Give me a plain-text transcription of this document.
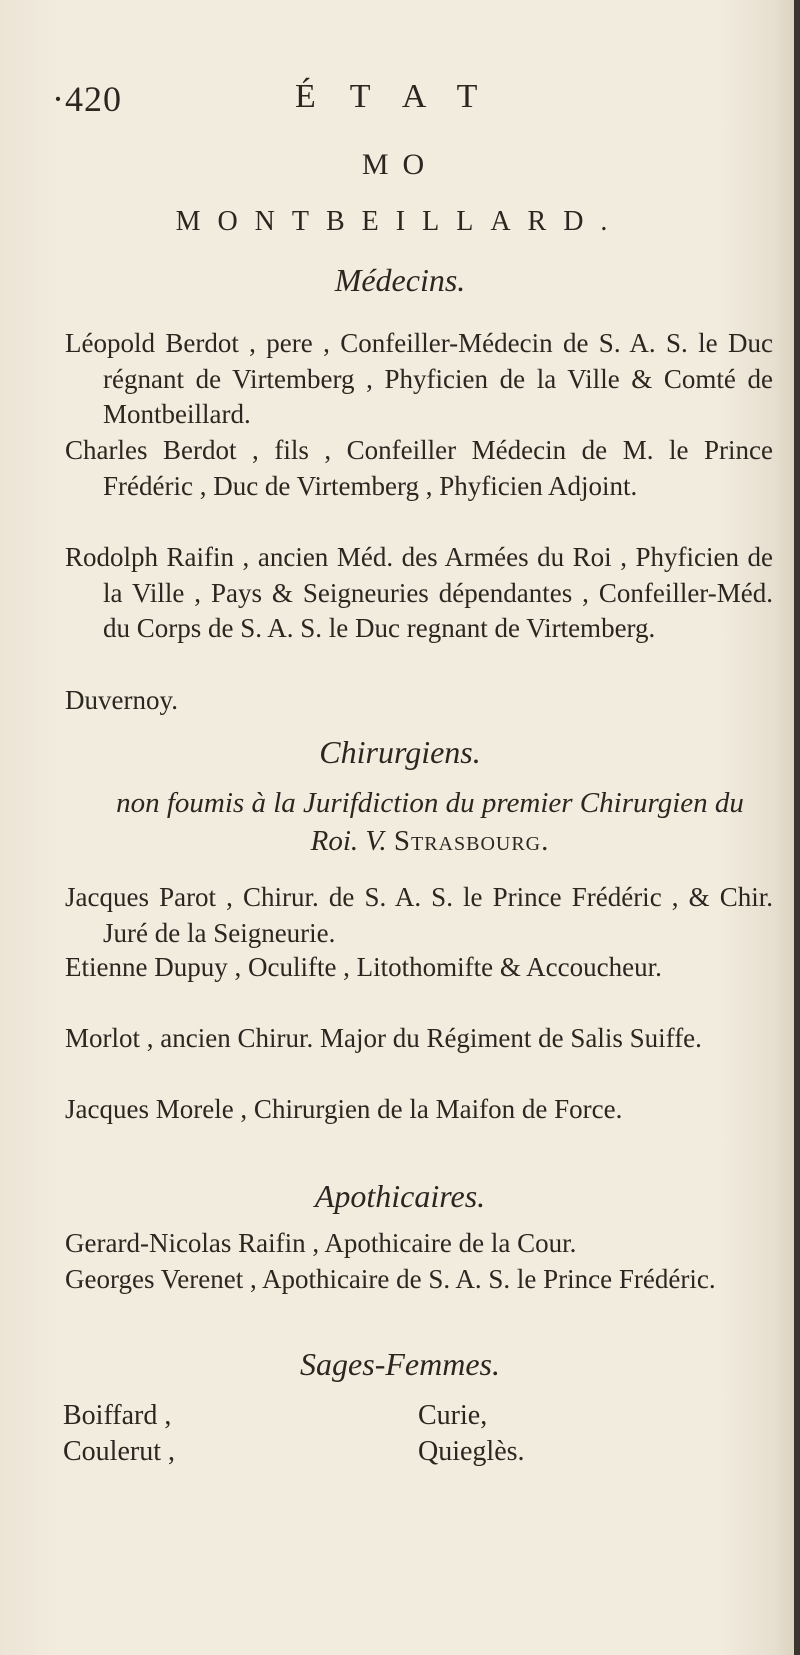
·420	ÉTAT
MO
MONTBEILLARD.
Médecins.
Léopold Berdot , pere , Confeiller-Médecin de S. A. S. le Duc régnant de Virtemberg , Phyficien de la Ville & Comté de Montbeillard.
Charles Berdot , fils , Confeiller Médecin de M. le Prince Frédéric , Duc de Virtemberg , Phyficien Adjoint.
Rodolph Raifin , ancien Méd. des Armées du Roi , Phyficien de la Ville , Pays & Seigneuries dépendantes , Confeiller-Méd. du Corps de S. A. S. le Duc regnant de Virtemberg.
Duvernoy.
Chirurgiens.
non foumis à la Jurifdiction du premier Chirurgien du Roi. V. Strasbourg.
Jacques Parot , Chirur. de S. A. S. le Prince Frédéric , & Chir. Juré de la Seigneurie.
Etienne Dupuy , Oculifte , Litothomifte & Accoucheur.
Morlot , ancien Chirur. Major du Régiment de Salis Suiffe.
Jacques Morele , Chirurgien de la Maifon de Force.
Apothicaires.
Gerard-Nicolas Raifin , Apothicaire de la Cour.
Georges Verenet , Apothicaire de S. A. S. le Prince Frédéric.
Sages-Femmes.
Boiffard ,
Coulerut ,
Curie,
Quieglès.
